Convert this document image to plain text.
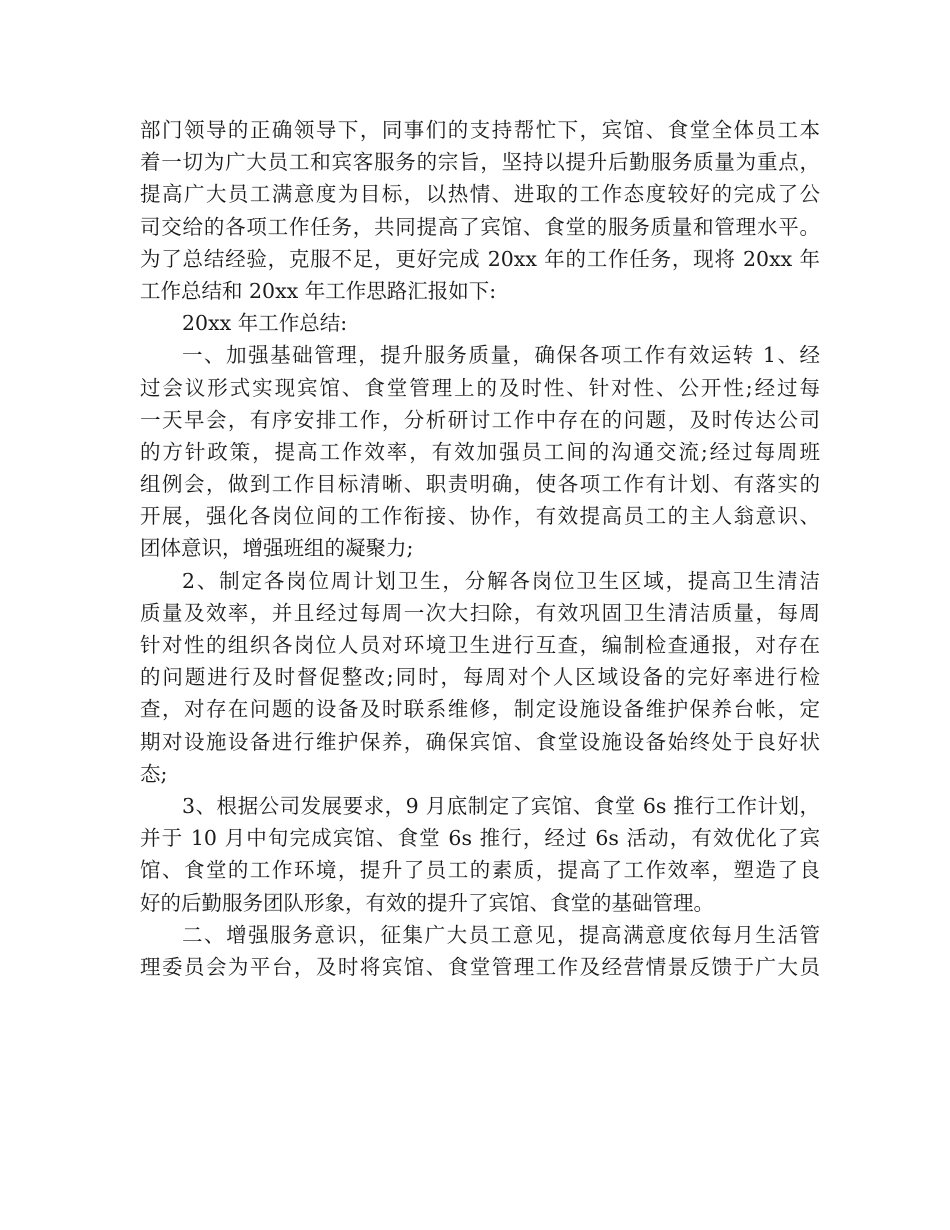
部门领导的正确领导下，同事们的支持帮忙下，宾馆、食堂全体员工本
着一切为广大员工和宾客服务的宗旨，坚持以提升后勤服务质量为重点，
提高广大员工满意度为目标，以热情、进取的工作态度较好的完成了公
司交给的各项工作任务，共同提高了宾馆、食堂的服务质量和管理水平。
为了总结经验，克服不足，更好完成 20xx 年的工作任务，现将 20xx 年
工作总结和 20xx 年工作思路汇报如下:
20xx 年工作总结:
一、加强基础管理，提升服务质量，确保各项工作有效运转 1、经
过会议形式实现宾馆、食堂管理上的及时性、针对性、公开性;经过每
一天早会，有序安排工作，分析研讨工作中存在的问题，及时传达公司
的方针政策，提高工作效率，有效加强员工间的沟通交流;经过每周班
组例会，做到工作目标清晰、职责明确，使各项工作有计划、有落实的
开展，强化各岗位间的工作衔接、协作，有效提高员工的主人翁意识、
团体意识，增强班组的凝聚力;
2、制定各岗位周计划卫生，分解各岗位卫生区域，提高卫生清洁
质量及效率，并且经过每周一次大扫除，有效巩固卫生清洁质量，每周
针对性的组织各岗位人员对环境卫生进行互查，编制检查通报，对存在
的问题进行及时督促整改;同时，每周对个人区域设备的完好率进行检
查，对存在问题的设备及时联系维修，制定设施设备维护保养台帐，定
期对设施设备进行维护保养，确保宾馆、食堂设施设备始终处于良好状
态;
3、根据公司发展要求，9 月底制定了宾馆、食堂 6s 推行工作计划，
并于 10 月中旬完成宾馆、食堂 6s 推行，经过 6s 活动，有效优化了宾
馆、食堂的工作环境，提升了员工的素质，提高了工作效率，塑造了良
好的后勤服务团队形象，有效的提升了宾馆、食堂的基础管理。
二、增强服务意识，征集广大员工意见，提高满意度依每月生活管
理委员会为平台，及时将宾馆、食堂管理工作及经营情景反馈于广大员
